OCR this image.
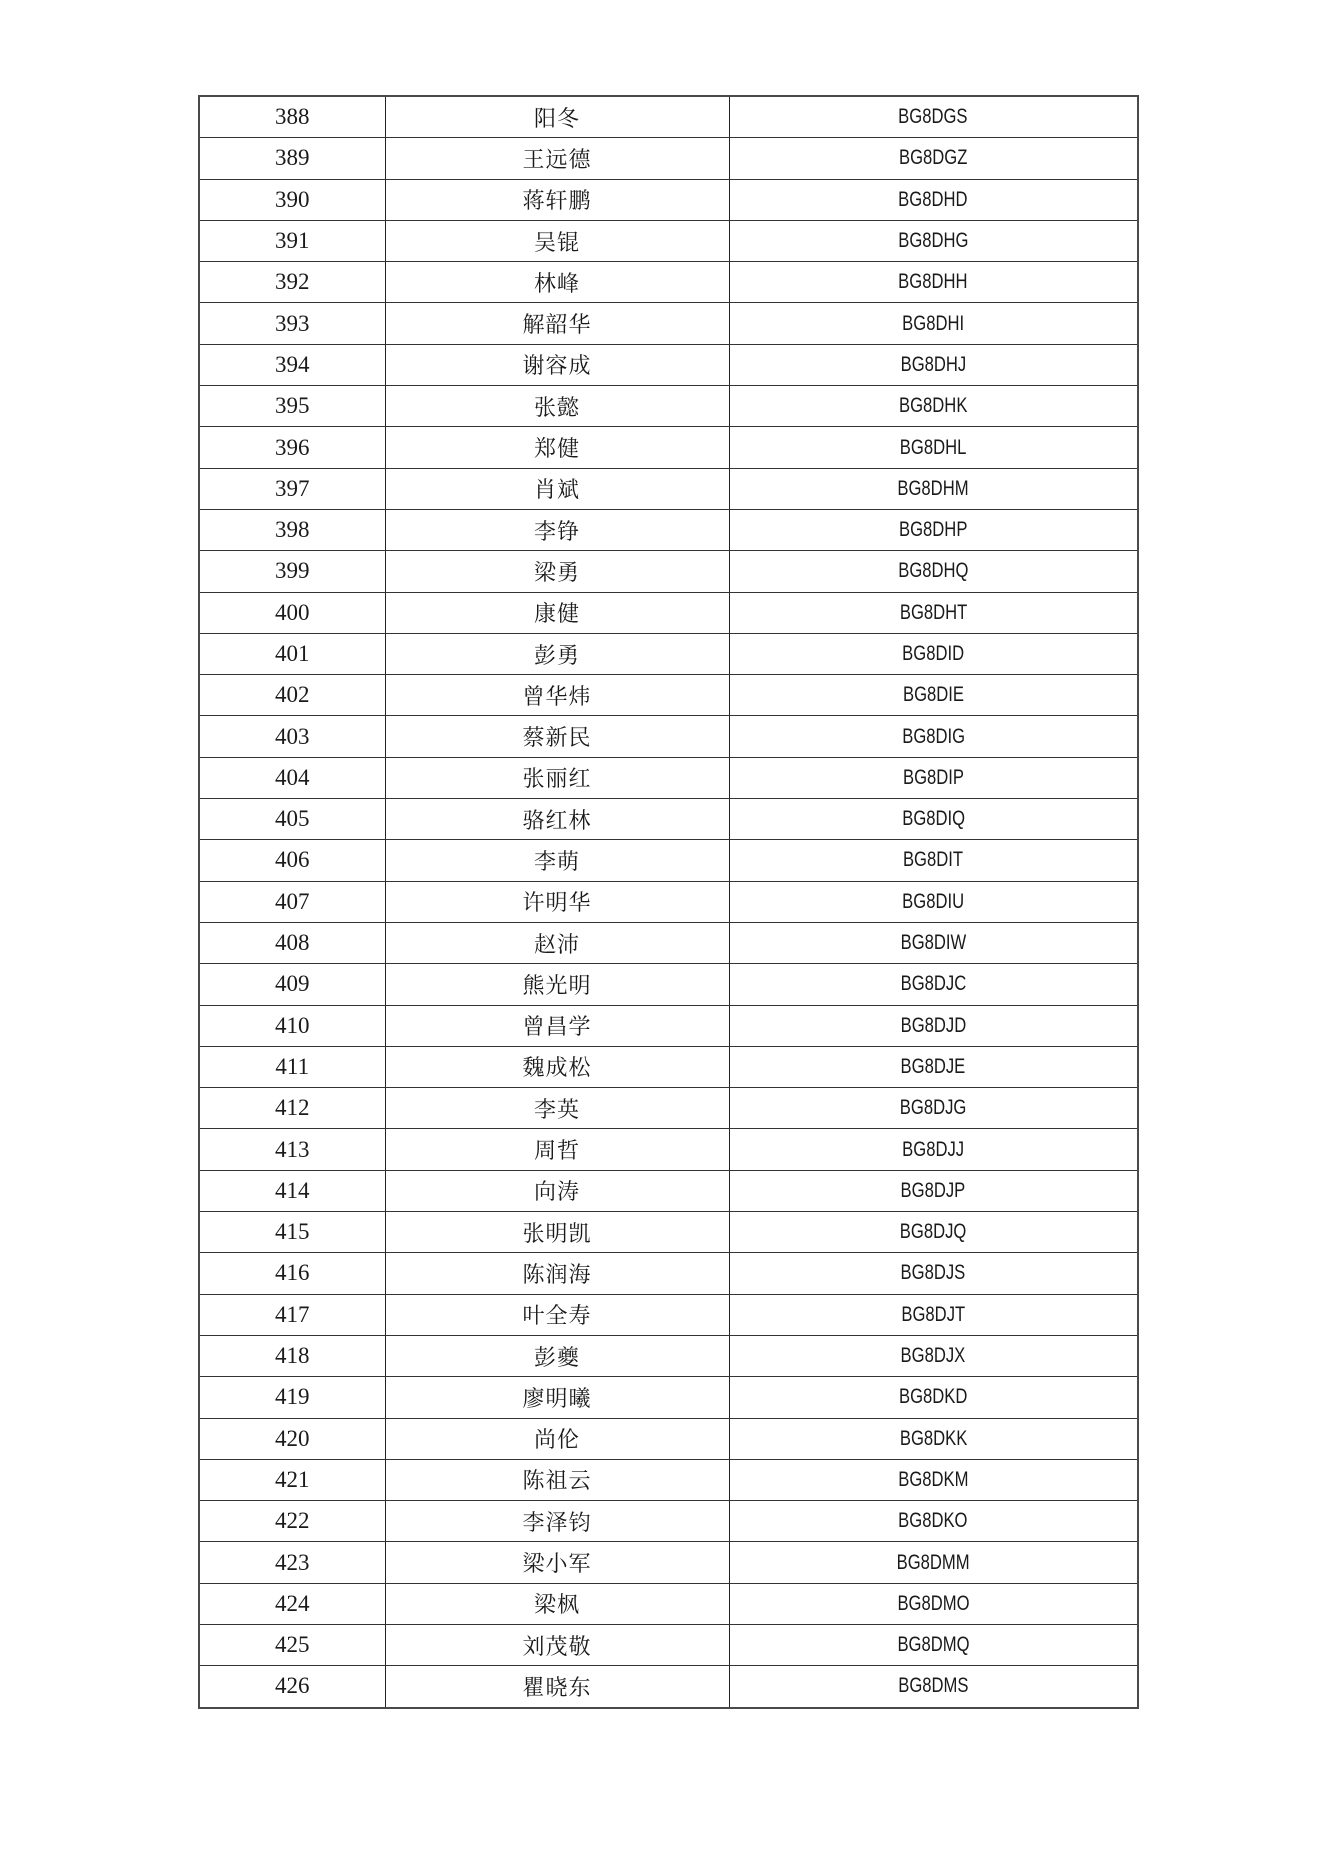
388	阳冬	BG8DGS
389	王远德	BG8DGZ
390	蒋轩鹏	BG8DHD
391	吴锟	BG8DHG
392	林峰	BG8DHH
393	解韶华	BG8DHI
394	谢容成	BG8DHJ
395	张懿	BG8DHK
396	郑健	BG8DHL
397	肖斌	BG8DHM
398	李铮	BG8DHP
399	梁勇	BG8DHQ
400	康健	BG8DHT
401	彭勇	BG8DID
402	曾华炜	BG8DIE
403	蔡新民	BG8DIG
404	张丽红	BG8DIP
405	骆红林	BG8DIQ
406	李萌	BG8DIT
407	许明华	BG8DIU
408	赵沛	BG8DIW
409	熊光明	BG8DJC
410	曾昌学	BG8DJD
411	魏成松	BG8DJE
412	李英	BG8DJG
413	周哲	BG8DJJ
414	向涛	BG8DJP
415	张明凯	BG8DJQ
416	陈润海	BG8DJS
417	叶全寿	BG8DJT
418	彭夔	BG8DJX
419	廖明曦	BG8DKD
420	尚伦	BG8DKK
421	陈祖云	BG8DKM
422	李泽钧	BG8DKO
423	梁小军	BG8DMM
424	梁枫	BG8DMO
425	刘茂敬	BG8DMQ
426	瞿晓东	BG8DMS
